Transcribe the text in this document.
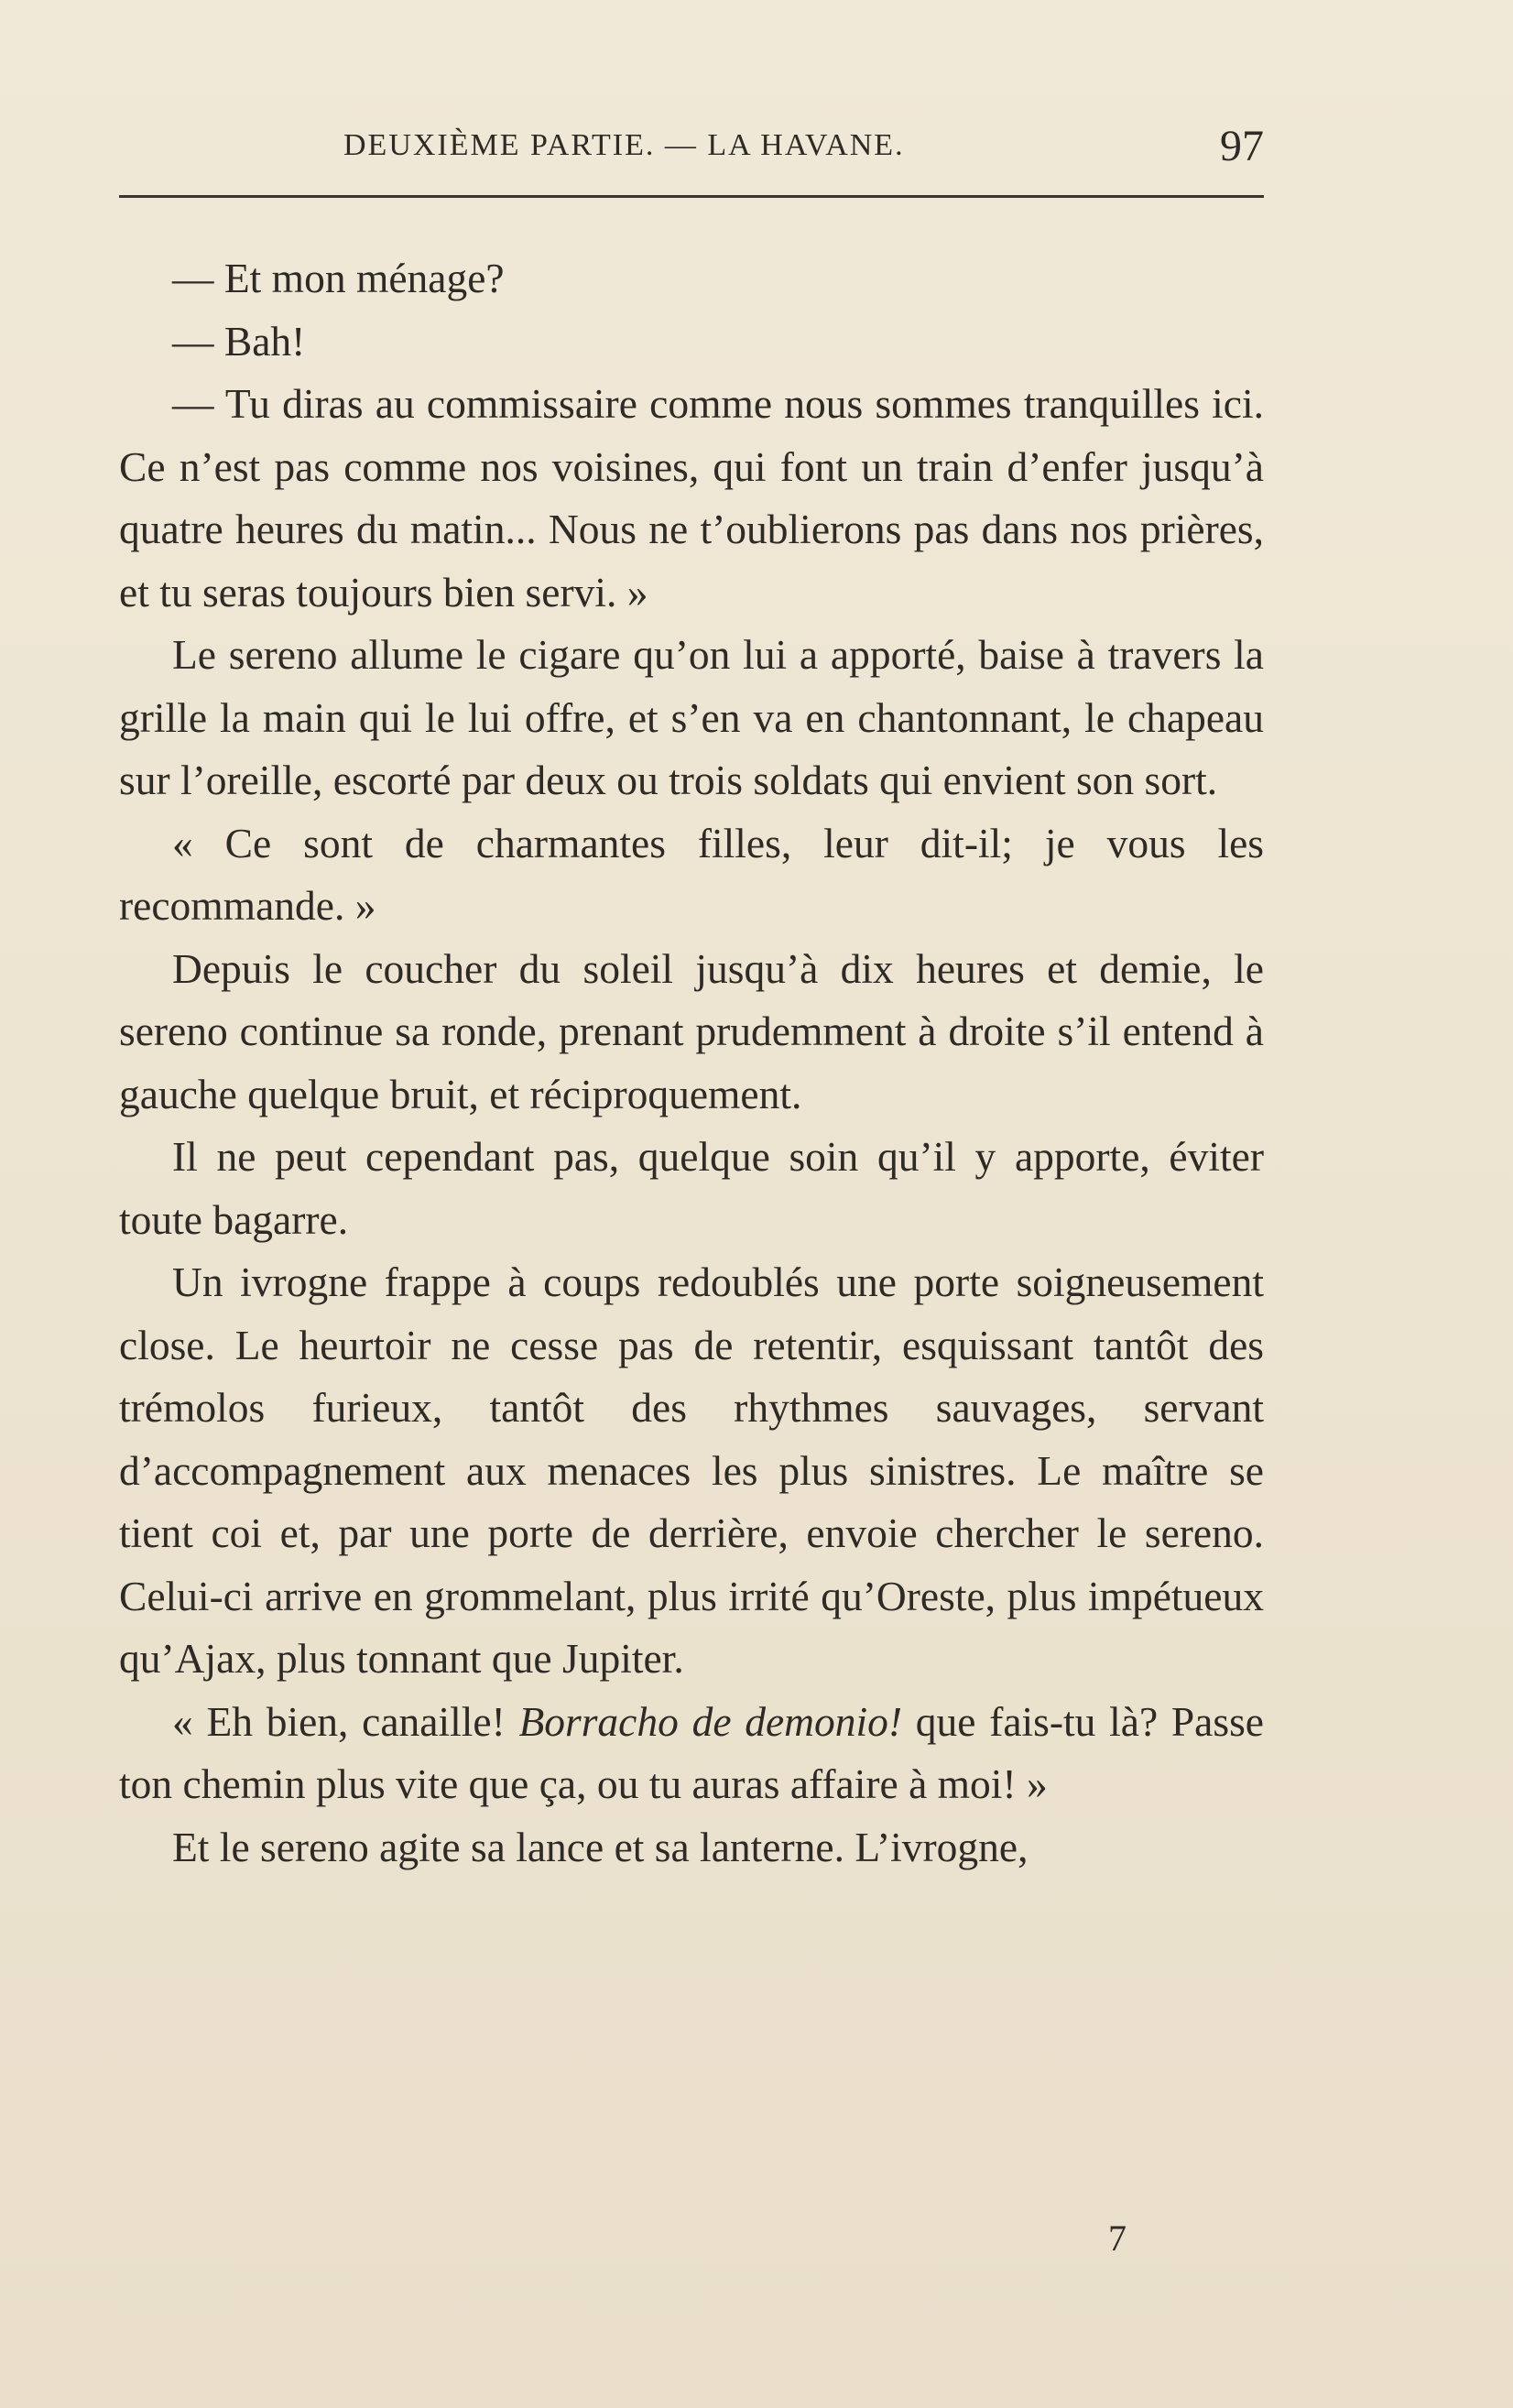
DEUXIÈME PARTIE. — LA HAVANE.	97

— Et mon ménage?

— Bah!

— Tu diras au commissaire comme nous sommes tranquilles ici. Ce n’est pas comme nos voisines, qui font un train d’enfer jusqu’à quatre heures du matin... Nous ne t’oublierons pas dans nos prières, et tu seras toujours bien servi. »

Le sereno allume le cigare qu’on lui a apporté, baise à travers la grille la main qui le lui offre, et s’en va en chantonnant, le chapeau sur l’oreille, escorté par deux ou trois soldats qui envient son sort.

« Ce sont de charmantes filles, leur dit-il; je vous les recommande. »

Depuis le coucher du soleil jusqu’à dix heures et demie, le sereno continue sa ronde, prenant prudemment à droite s’il entend à gauche quelque bruit, et réciproquement.

Il ne peut cependant pas, quelque soin qu’il y apporte, éviter toute bagarre.

Un ivrogne frappe à coups redoublés une porte soigneusement close. Le heurtoir ne cesse pas de retentir, esquissant tantôt des trémolos furieux, tantôt des rhythmes sauvages, servant d’accompagnement aux menaces les plus sinistres. Le maître se tient coi et, par une porte de derrière, envoie chercher le sereno. Celui-ci arrive en grommelant, plus irrité qu’Oreste, plus impétueux qu’Ajax, plus tonnant que Jupiter.

« Eh bien, canaille! Borracho de demonio! que fais-tu là? Passe ton chemin plus vite que ça, ou tu auras affaire à moi! »

Et le sereno agite sa lance et sa lanterne. L’ivrogne,

7
